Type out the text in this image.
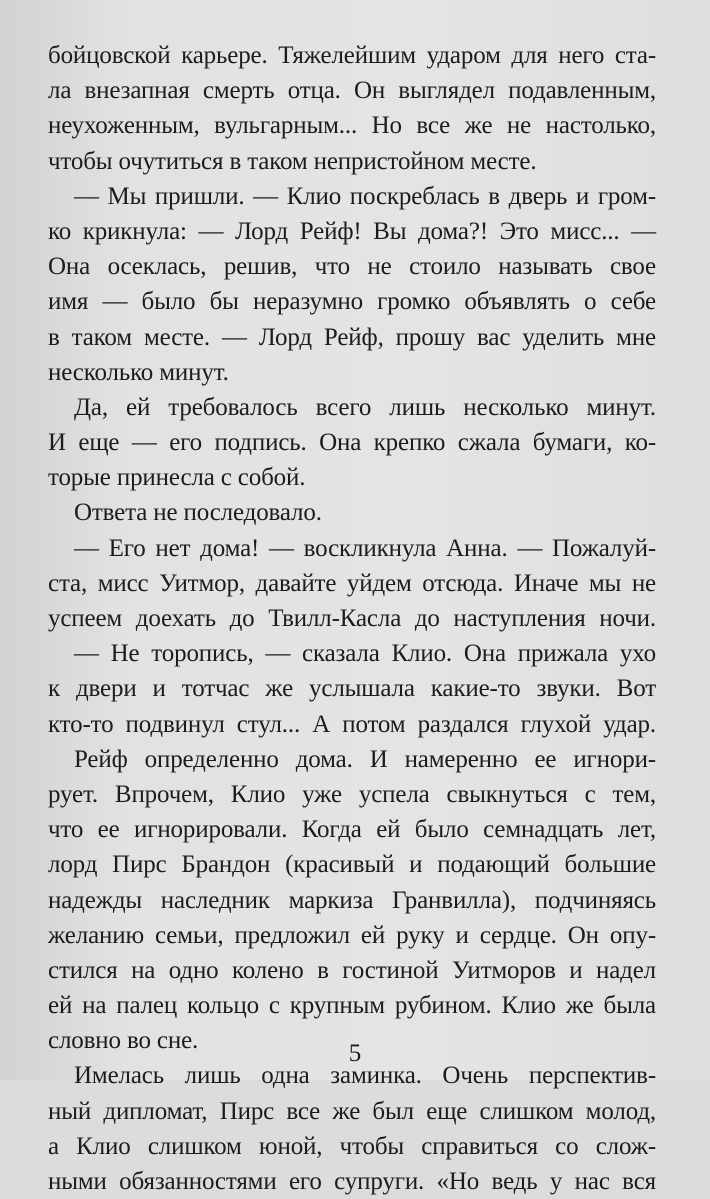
бойцовской карьере. Тяжелейшим ударом для него ста-
ла внезапная смерть отца. Он выглядел подавленным,
неухоженным, вульгарным... Но все же не настолько,
чтобы очутиться в таком непристойном месте.
— Мы пришли. — Клио поскреблась в дверь и гром-
ко крикнула: — Лорд Рейф! Вы дома?! Это мисс... —
Она осеклась, решив, что не стоило называть свое
имя — было бы неразумно громко объявлять о себе
в таком месте. — Лорд Рейф, прошу вас уделить мне
несколько минут.
Да, ей требовалось всего лишь несколько минут.
И еще — его подпись. Она крепко сжала бумаги, ко-
торые принесла с собой.
Ответа не последовало.
— Его нет дома! — воскликнула Анна. — Пожалуй-
ста, мисс Уитмор, давайте уйдем отсюда. Иначе мы не
успеем доехать до Твилл-Касла до наступления ночи.
— Не торопись, — сказала Клио. Она прижала ухо
к двери и тотчас же услышала какие-то звуки. Вот
кто-то подвинул стул... А потом раздался глухой удар.
Рейф определенно дома. И намеренно ее игнори-
рует. Впрочем, Клио уже успела свыкнуться с тем,
что ее игнорировали. Когда ей было семнадцать лет,
лорд Пирс Брандон (красивый и подающий большие
надежды наследник маркиза Гранвилла), подчиняясь
желанию семьи, предложил ей руку и сердце. Он опу-
стился на одно колено в гостиной Уитморов и надел
ей на палец кольцо с крупным рубином. Клио же была
словно во сне.
Имелась лишь одна заминка. Очень перспектив-
ный дипломат, Пирс все же был еще слишком молод,
а Клио слишком юной, чтобы справиться со слож-
ными обязанностями его супруги. «Но ведь у нас вся
5
